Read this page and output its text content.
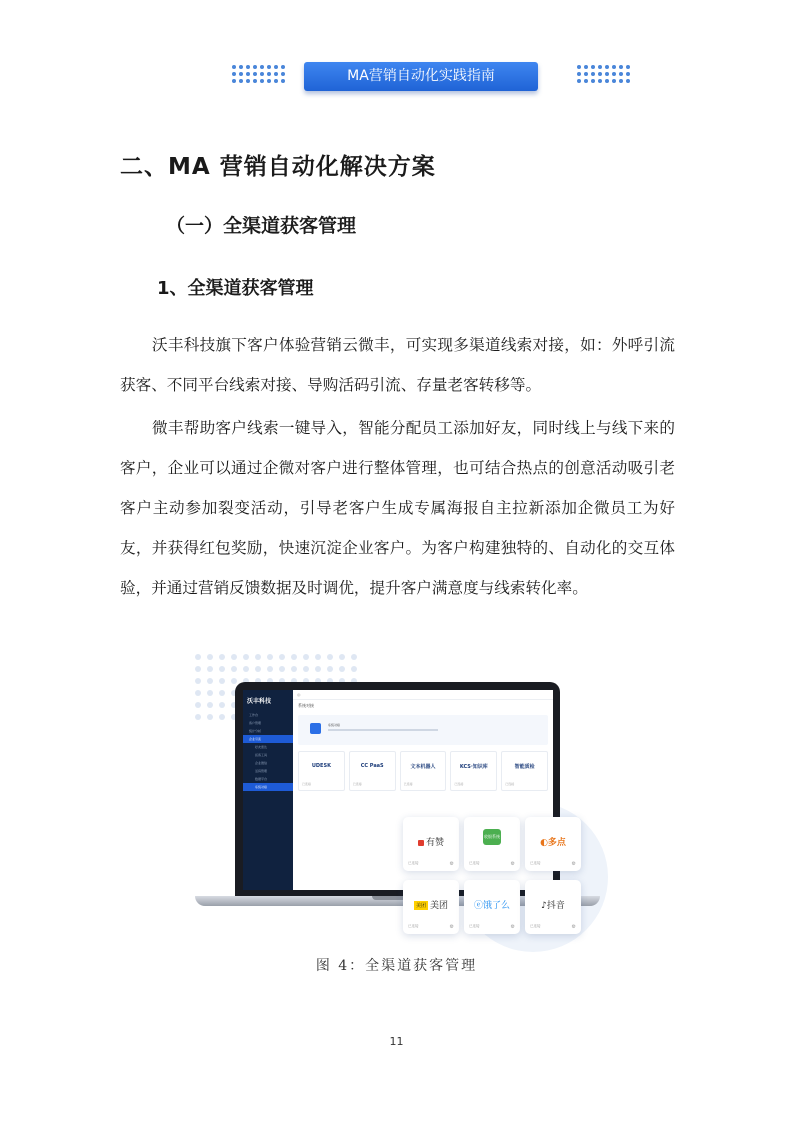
MA营销自动化实践指南
二、MA 营销自动化解决方案
（一）全渠道获客管理
1、全渠道获客管理

沃丰科技旗下客户体验营销云微丰，可实现多渠道线索对接，如：外呼引流获客、不同平台线索对接、导购活码引流、存量老客转移等。

微丰帮助客户线索一键导入，智能分配员工添加好友，同时线上与线下来的客户，企业可以通过企微对客户进行整体管理，也可结合热点的创意活动吸引老客户主动参加裂变活动，引导老客户生成专属海报自主拉新添加企微员工为好友，并获得红包奖励，快速沉淀企业客户。为客户构建独特的、自动化的交互体验，并通过营销反馈数据及时调优，提升客户满意度与线索转化率。

沃丰科技
工作台
客户管理
统计分析
企业引流
好友雷达
拓客工具
企业微信
活码管理
数据平台
系统对接
◎
系统对接
系统对接
UDESK
已连接
CC PaaS
已连接
文本机器人
已连接
KCS·知识库
已连接
智能质检
已连接
有赞
已连接	⚙
收银系统
已连接	⚙
◐多点
已连接	⚙
美团 美团
已连接	⚙
ⓔ饿了么
已连接	⚙
♪抖音
已连接	⚙
图 4：全渠道获客管理
11
